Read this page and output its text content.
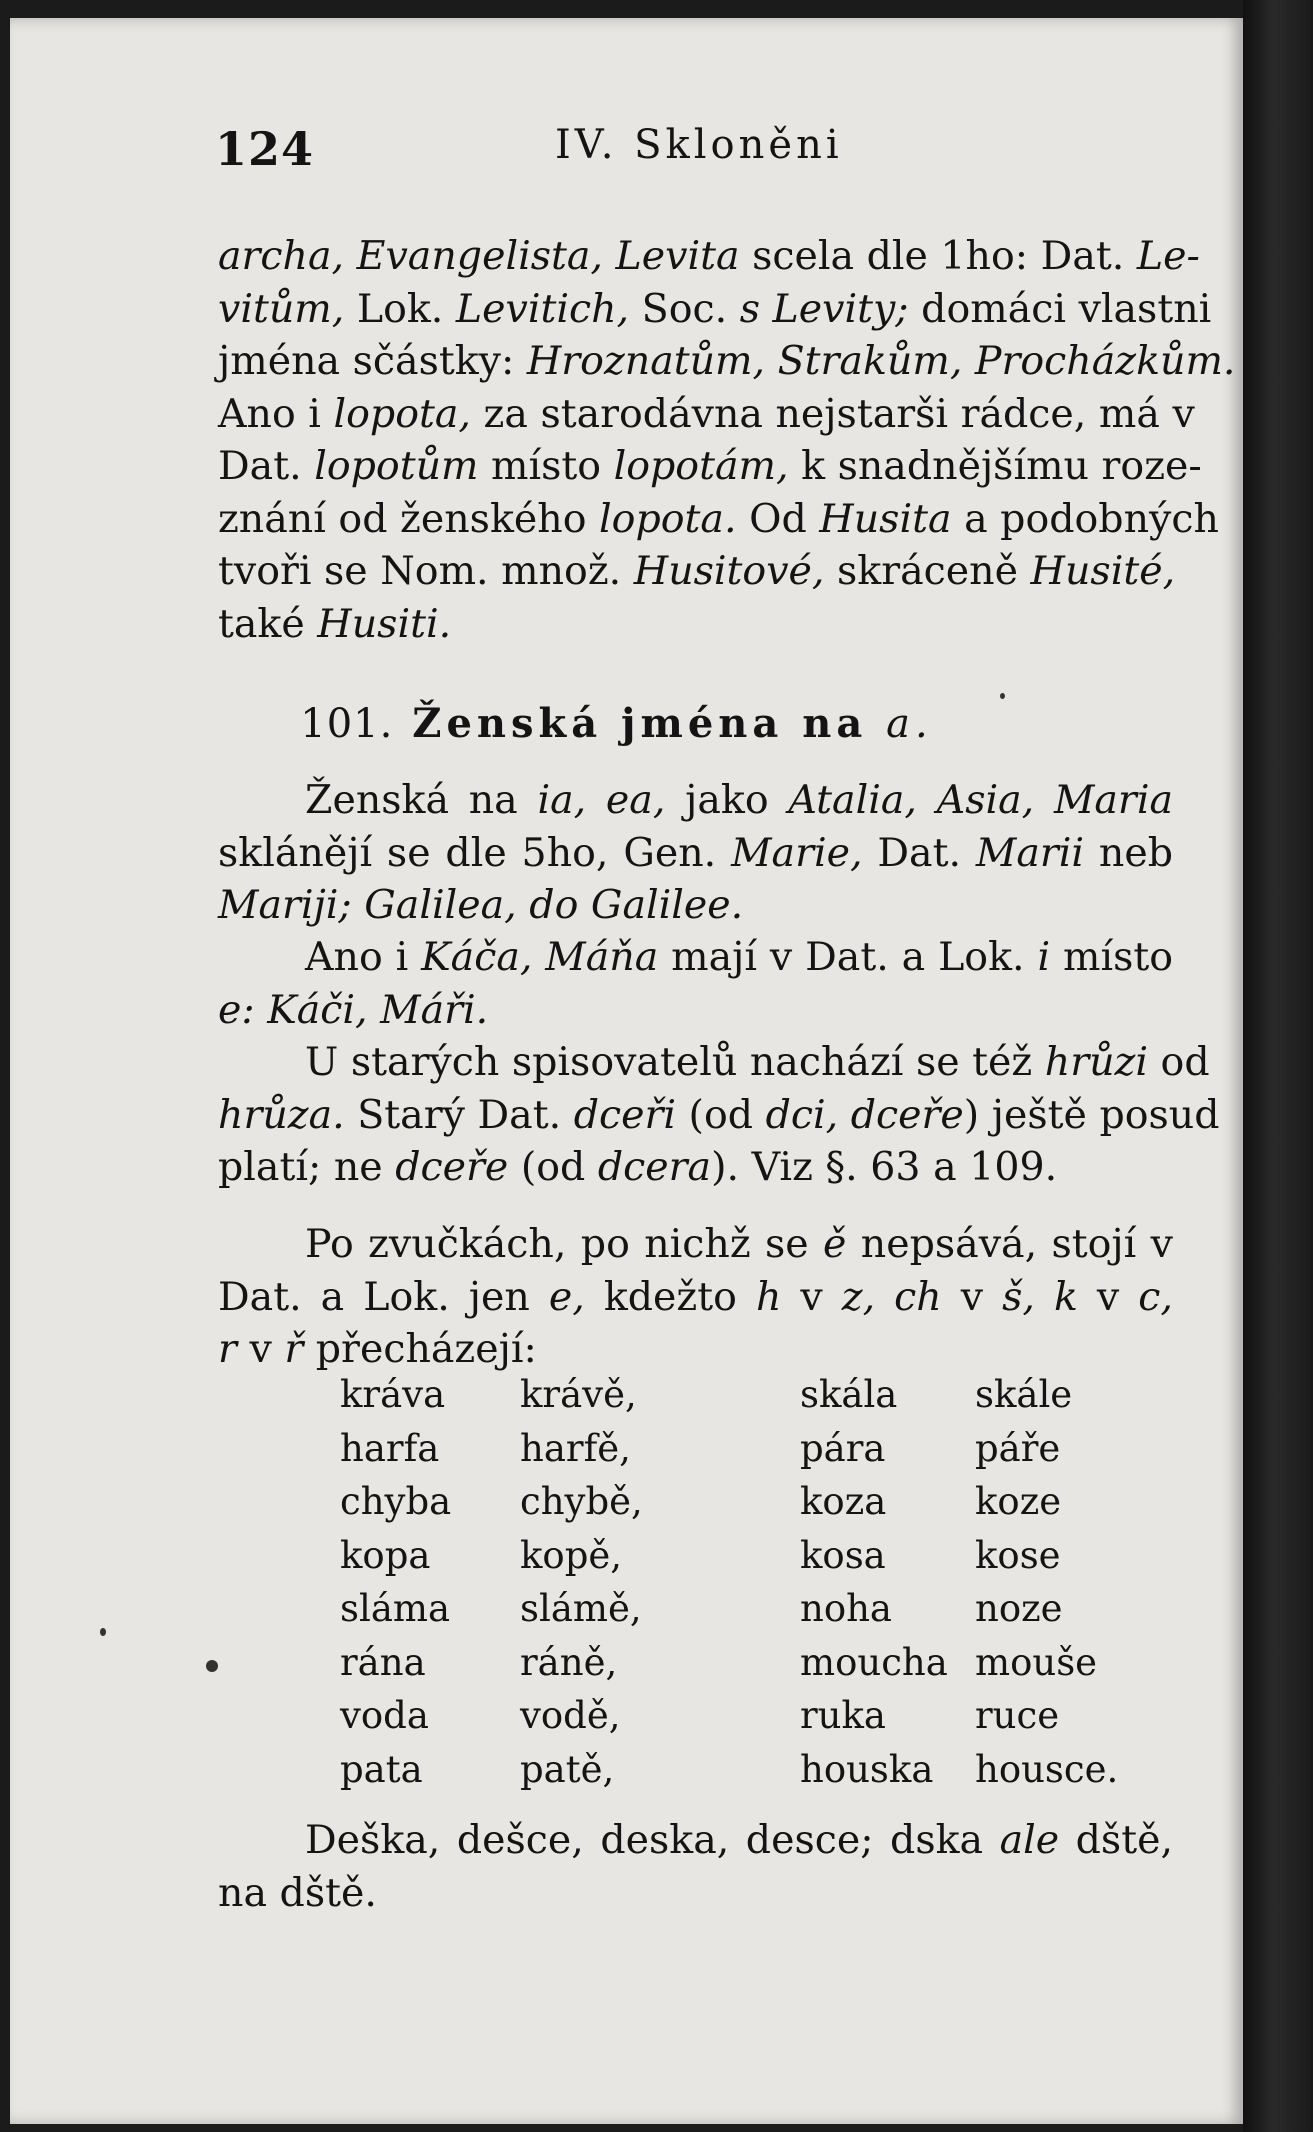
124	IV. Skloněni
archa, Evangelista, Levita scela dle 1ho: Dat. Le-
vitům, Lok. Levitich, Soc. s Levity; domáci vlastni
jména sčástky: Hroznatům, Strakům, Procházkům.
Ano i lopota, za starodávna nejstarši rádce, má v
Dat. lopotům místo lopotám, k snadnějšímu roze-
znání od ženského lopota. Od Husita a podobných
tvoři se Nom. množ. Husitové, skráceně Husité,
také Husiti.
101. Ženská jména na a.
Ženská na ia, ea, jako Atalia, Asia, Maria
sklánějí se dle 5ho, Gen. Marie, Dat. Marii neb
Mariji; Galilea, do Galilee.
Ano i Káča, Máňa mají v Dat. a Lok. i místo
e: Káči, Máři.
U starých spisovatelů nachází se též hrůzi od
hrůza. Starý Dat. dceři (od dci, dceře) ještě posud
platí; ne dceře (od dcera). Viz §. 63 a 109.
Po zvučkách, po nichž se ě nepsává, stojí v
Dat. a Lok. jen e, kdežto h v z, ch v š, k v c,
r v ř přecházejí:
kráva	krávě,	skála	skále
harfa	harfě,	pára	páře
chyba	chybě,	koza	koze
kopa	kopě,	kosa	kose
sláma	slámě,	noha	noze
rána	ráně,	moucha	mouše
voda	vodě,	ruka	ruce
pata	patě,	houska	housce.
Deška, dešce, deska, desce; dska ale dště,
na dště.
